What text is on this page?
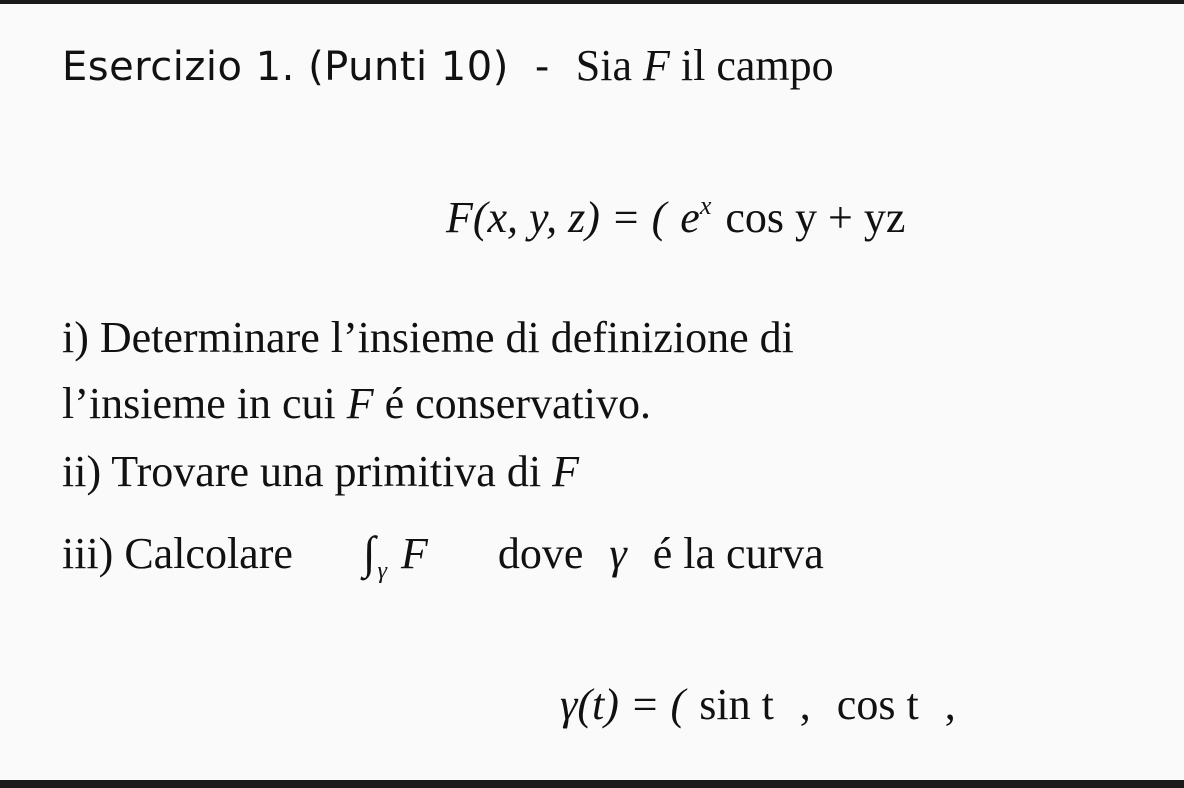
Esercizio 1. (Punti 10) - Sia F il campo
F(x, y, z) = ( $e^x$ cos y + yz
i) Determinare l’insieme di definizione di
l’insieme in cui F é conservativo.
ii) Trovare una primitiva di F
iii) Calcolare $\int_\gamma$ F dove γ é la curva
γ(t) = ( sin t , cos t ,
